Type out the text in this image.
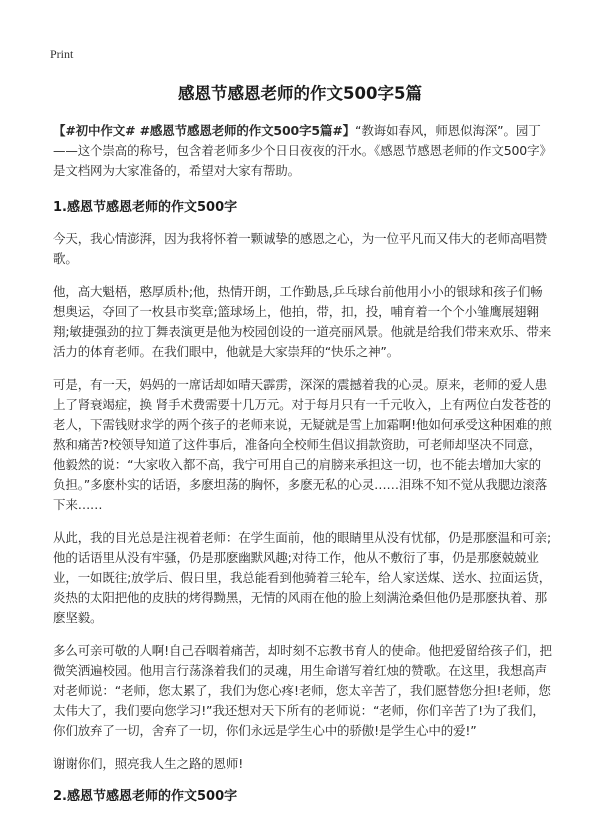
Print
感恩节感恩老师的作文500字5篇

【#初中作文# #感恩节感恩老师的作文500字5篇#】“教诲如春风，师恩似海深”。园丁——这个崇高的称号，包含着老师多少个日日夜夜的汗水。《感恩节感恩老师的作文500字》是文档网为大家准备的，希望对大家有帮助。

1.感恩节感恩老师的作文500字

今天，我心情澎湃，因为我将怀着一颗诚挚的感恩之心，为一位平凡而又伟大的老师高唱赞歌。

他，高大魁梧，憨厚质朴;他，热情开朗，工作勤恳,乒乓球台前他用小小的银球和孩子们畅想奥运，夺回了一枚县市奖章;篮球场上，他拍，带，扣，投，哺育着一个个小雏鹰展翅翱翔;敏捷强劲的拉丁舞表演更是他为校园创设的一道亮丽风景。他就是给我们带来欢乐、带来活力的体育老师。在我们眼中，他就是大家崇拜的“快乐之神”。

可是，有一天，妈妈的一席话却如晴天霹雳，深深的震撼着我的心灵。原来，老师的爱人患上了肾衰竭症，换 肾手术费需要十几万元。对于每月只有一千元收入，上有两位白发苍苍的老人，下需钱财求学的两个孩子的老师来说，无疑就是雪上加霜啊!他如何承受这种困难的煎熬和痛苦?校领导知道了这件事后，准备向全校师生倡议捐款资助，可老师却坚决不同意，他毅然的说：“大家收入都不高，我宁可用自己的肩膀来承担这一切，也不能去增加大家的负担。”多麽朴实的话语，多麽坦荡的胸怀，多麽无私的心灵……泪珠不知不觉从我腮边滚落下来……

从此，我的目光总是注视着老师：在学生面前，他的眼睛里从没有忧郁，仍是那麽温和可亲;他的话语里从没有牢骚，仍是那麽幽默风趣;对待工作，他从不敷衍了事，仍是那麽兢兢业业，一如既往;放学后、假日里，我总能看到他骑着三轮车，给人家送煤、送水、拉面运货，炎热的太阳把他的皮肤的烤得黝黑，无情的风雨在他的脸上刻满沧桑但他仍是那麽执着、那麽坚毅。

多么可亲可敬的人啊!自己吞咽着痛苦，却时刻不忘教书育人的使命。他把爱留给孩子们，把微笑洒遍校园。他用言行荡涤着我们的灵魂，用生命谱写着红烛的赞歌。在这里，我想高声对老师说：“老师，您太累了，我们为您心疼!老师，您太辛苦了，我们愿替您分担!老师，您太伟大了，我们要向您学习!”我还想对天下所有的老师说：“老师，你们辛苦了!为了我们，你们放弃了一切，舍弃了一切，你们永远是学生心中的骄傲!是学生心中的爱!”

谢谢你们，照亮我人生之路的恩师!

2.感恩节感恩老师的作文500字
